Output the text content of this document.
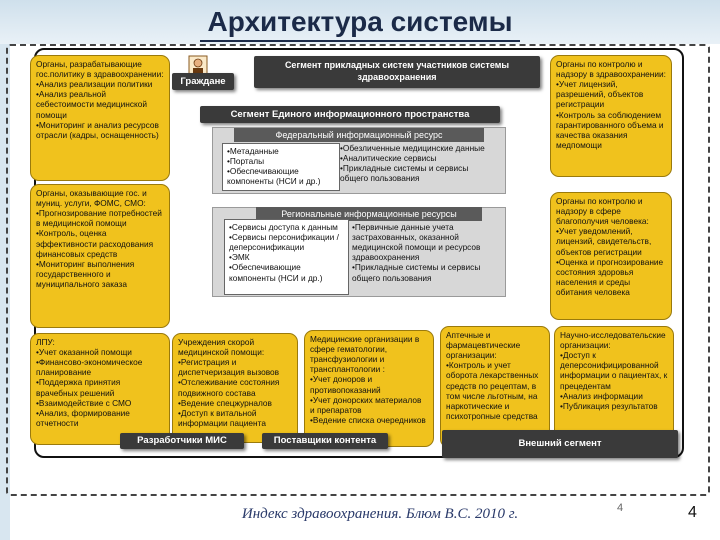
Архитектура системы
Органы, разрабатывающие гос.политику в здравоохранении:
•Анализ реализации политики
•Анализ реальной себестоимости медицинской помощи
•Мониторинг и анализ ресурсов отрасли (кадры, оснащенность)
Органы, оказывающие гос. и муниц. услуги, ФОМС, СМО:
•Прогнозирование потребностей в медицинской помощи
•Контроль, оценка эффективности расходования финансовых средств
•Мониторинг выполнения государственного и муниципального заказа
ЛПУ:
•Учет оказанной помощи
•Финансово-экономическое планирование
•Поддержка принятия врачебных решений
•Взаимодействие с СМО
•Анализ, формирование отчетности
Органы по контролю и надзору в здравоохранении:
•Учет лицензий, разрешений, объектов регистрации
•Контроль за соблюдением гарантированного объема и качества оказания медпомощи
Органы по контролю и надзору в сфере благополучия человека:
•Учет уведомлений, лицензий, свидетельств, объектов регистрации
•Оценка и прогнозирование состояния здоровья населения и среды обитания человека
Учреждения скорой медицинской помощи:
•Регистрация и диспетчеризация вызовов
•Отслеживание состояния подвижного состава
•Ведение спецжурналов
•Доступ к витальной информации пациента
Медицинские организации в сфере гематологии, трансфузиологии и трансплантологии :
•Учет доноров и противопоказаний
•Учет донорских материалов и препаратов
•Ведение списка очередников
Аптечные и фармацевтические организации:
•Контроль и учет оборота лекарственных средств по рецептам, в том числе льготным, на наркотические и психотропные средства
Научно-исследовательские организации:
•Доступ к деперсонифицированной информации о пациентах, к прецедентам
•Анализ информации
•Публикация результатов
Граждане
Сегмент прикладных систем участников системы здравоохранения
Сегмент Единого информационного пространства
Федеральный информационный ресурс
•Метаданные
•Порталы
•Обеспечивающие компоненты (НСИ и др.)
•Обезличенные медицинские данные
•Аналитические сервисы
•Прикладные системы и сервисы общего пользования
Региональные информационные ресурсы
•Сервисы доступа к данным
•Сервисы персонификации / деперсонификации
•ЭМК
•Обеспечивающие компоненты (НСИ и др.)
•Первичные данные учета застрахованных, оказанной медицинской помощи и ресурсов здравоохранения
•Прикладные системы и сервисы общего пользования
Разработчики МИС	Поставщики контента	Внешний сегмент
Индекс здравоохранения. Блюм В.С. 2010 г.	4	4
